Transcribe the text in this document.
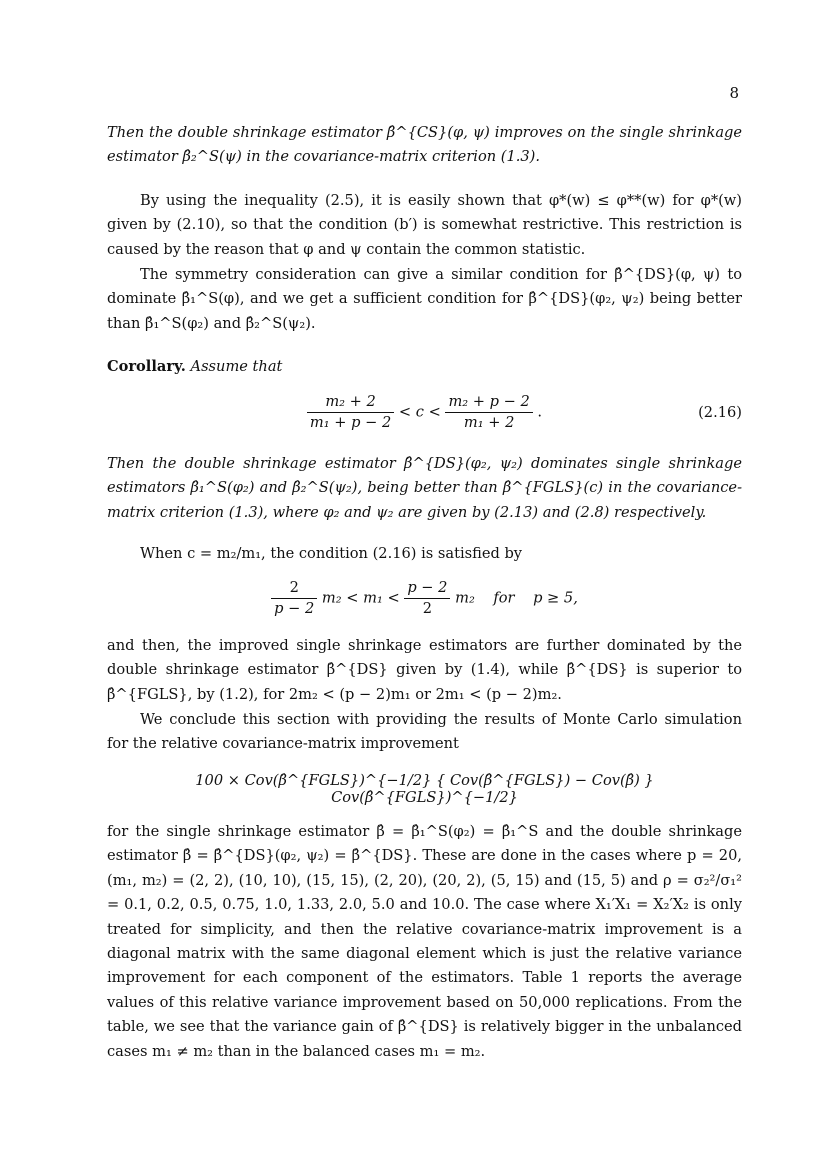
8
Then the double shrinkage estimator β̂^{CS}(φ, ψ) improves on the single shrinkage estimator β̂₂^S(ψ) in the covariance-matrix criterion (1.3).
By using the inequality (2.5), it is easily shown that φ*(w) ≤ φ**(w) for φ*(w) given by (2.10), so that the condition (b′) is somewhat restrictive. This restriction is caused by the reason that φ and ψ contain the common statistic.
The symmetry consideration can give a similar condition for β̂^{DS}(φ, ψ) to dominate β̂₁^S(φ), and we get a sufficient condition for β̂^{DS}(φ₂, ψ₂) being better than β̂₁^S(φ₂) and β̂₂^S(ψ₂).
Corollary. Assume that
$\frac{\text{m₂ + 2}}{\text{m₁ + p − 2}} < c < \frac{\text{m₂ + p − 2}}{\text{m₁ + 2}}$ .	(2.16)
Then the double shrinkage estimator β̂^{DS}(φ₂, ψ₂) dominates single shrinkage estimators β̂₁^S(φ₂) and β̂₂^S(ψ₂), being better than β̂^{FGLS}(c) in the covariance-matrix criterion (1.3), where φ₂ and ψ₂ are given by (2.13) and (2.8) respectively.
When c = m₂/m₁, the condition (2.16) is satisfied by
$\frac{2}{p - 2} m_2 < m_1 < \frac{p - 2}{2} m_2$    for    p ≥ 5,
and then, the improved single shrinkage estimators are further dominated by the double shrinkage estimator β̂^{DS} given by (1.4), while β̂^{DS} is superior to β̂^{FGLS}, by (1.2), for 2m₂ < (p − 2)m₁ or 2m₁ < (p − 2)m₂.
We conclude this section with providing the results of Monte Carlo simulation for the relative covariance-matrix improvement
100 × Cov(β̂^{FGLS})^{−1/2} { Cov(β̂^{FGLS}) − Cov(β̂) } Cov(β̂^{FGLS})^{−1/2}
for the single shrinkage estimator β̂ = β̂₁^S(φ₂) = β̂₁^S and the double shrinkage estimator β̂ = β̂^{DS}(φ₂, ψ₂) = β̂^{DS}. These are done in the cases where p = 20, (m₁, m₂) = (2, 2), (10, 10), (15, 15), (2, 20), (20, 2), (5, 15) and (15, 5) and ρ = σ₂²/σ₁² = 0.1, 0.2, 0.5, 0.75, 1.0, 1.33, 2.0, 5.0 and 10.0. The case where X₁′X₁ = X₂′X₂ is only treated for simplicity, and then the relative covariance-matrix improvement is a diagonal matrix with the same diagonal element which is just the relative variance improvement for each component of the estimators. Table 1 reports the average values of this relative variance improvement based on 50,000 replications. From the table, we see that the variance gain of β̂^{DS} is relatively bigger in the unbalanced cases m₁ ≠ m₂ than in the balanced cases m₁ = m₂.
